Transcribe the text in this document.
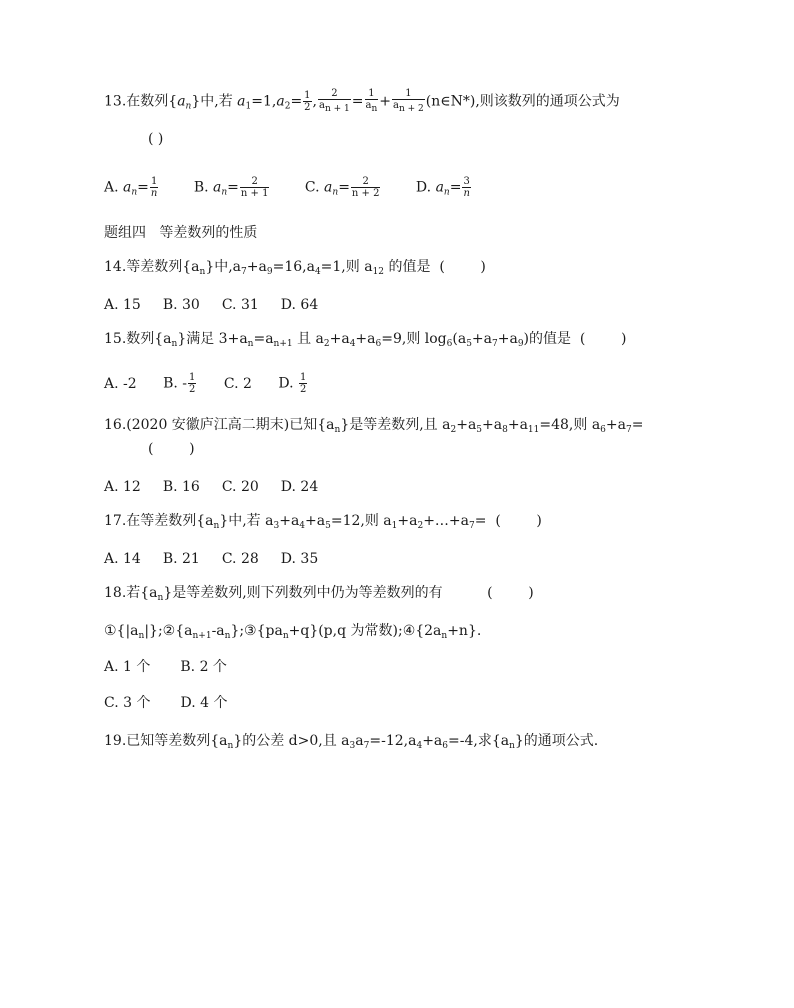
13.在数列$\{a_n\}$中,若 $a_1=1,a_2= \frac{1}{2}$ , $\frac{2}{a_{n + 1}} = \frac{1}{a_n} + \frac{1}{a_{n + 2}}$ (n∈N*),则该数列的通项公式为
( )
A. $a_n= \frac{1}{n}$	B. $a_n= \frac{2}{n + 1}$	C. $a_n= \frac{2}{n + 2}$	D. $a_n= \frac{3}{n}$
题组四   等差数列的性质
14.等差数列$\{a_n\}$中$,a_7+a_9=16,a_4=1$,则 $a_{12}$ 的值是  (        )
A. 15 B. 30 C. 31 D. 64
15.数列$\{a_n\}$满足 $3+a_n=a_{n+1}$ 且 $a_2+a_4+a_6=9$,则 $\log_6(a_5+a_7+a_9)$的值是  (        )
A. -2 B. - $\frac{1}{2} C$. 2 D. $\frac{1}{2}$
16.(2020 安徽庐江高二期末)已知$\{a_n\}$是等差数列,且 $a_2+a_5+a_8+a_{11}=48$,则 $a_6+a_7=$
(        )
A. 12 B. 16 C. 20 D. 24
17.在等差数列$\{a_n\}$中,若 $a_3+a_4+a_5=12$,则 $a_1+a_2+\dots+a_7=$  (        )
A. 14 B. 21 C. 28 D. 35
18.若$\{a_n\}$是等差数列,则下列数列中仍为等差数列的有          (        )
$①\{|a_n|\};②\{a_{n+1}-a_n\};③\{pa_n+q\}(p,q$ 为常数)$;④\{2a_n+n\}$.
A. 1 个 B. 2 个
C. 3 个 D. 4 个
19.已知等差数列$\{a_n\}$的公差 d>0,且 $a_3a_7=-12,a_4+a_6=-4$,求$\{a_n\}$的通项公式.
